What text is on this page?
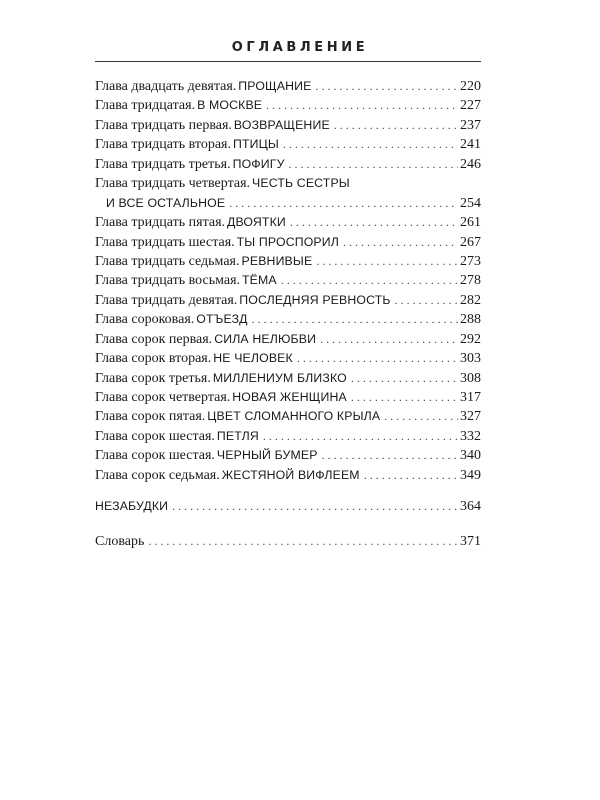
ОГЛАВЛЕНИЕ
Глава двадцать девятая. ПРОЩАНИЕ . . .	220
Глава тридцатая. В МОСКВЕ . . .	227
Глава тридцать первая. ВОЗВРАЩЕНИЕ . . .	237
Глава тридцать вторая. ПТИЦЫ . . .	241
Глава тридцать третья. ПОФИГУ . . .	246
Глава тридцать четвертая. ЧЕСТЬ СЕСТРЫ
И ВСЕ ОСТАЛЬНОЕ . . .	254
Глава тридцать пятая. ДВОЯТКИ . . .	261
Глава тридцать шестая. ТЫ ПРОСПОРИЛ . . .	267
Глава тридцать седьмая. РЕВНИВЫЕ . . .	273
Глава тридцать восьмая. ТЁМА . . .	278
Глава тридцать девятая. ПОСЛЕДНЯЯ РЕВНОСТЬ . . .	282
Глава сороковая. ОТЪЕЗД . . .	288
Глава сорок первая. СИЛА НЕЛЮБВИ . . .	292
Глава сорок вторая. НЕ ЧЕЛОВЕК . . .	303
Глава сорок третья. МИЛЛЕНИУМ БЛИЗКО . . .	308
Глава сорок четвертая. НОВАЯ ЖЕНЩИНА . . .	317
Глава сорок пятая. ЦВЕТ СЛОМАННОГО КРЫЛА . . .	327
Глава сорок шестая. ПЕТЛЯ . . .	332
Глава сорок шестая. ЧЕРНЫЙ БУМЕР . . .	340
Глава сорок седьмая. ЖЕСТЯНОЙ ВИФЛЕЕМ . . .	349
НЕЗАБУДКИ . . .	364
Словарь . . .	371
